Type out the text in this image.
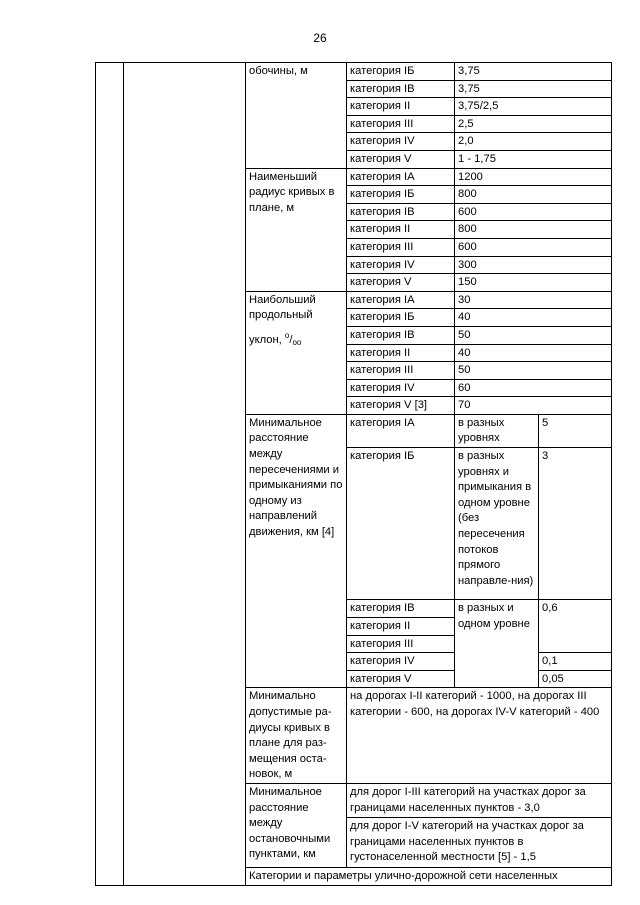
26
		обочины, м	категория IБ	3,75	
			категория IВ	3,75	
			категория II	3,75/2,5	
			категория III	2,5	
			категория IV	2,0	
			категория V	1 - 1,75	
		Наименьший радиус кривых в плане, м	категория IА	1200	
			категория IБ	800	
			категория IВ	600	
			категория II	800	
			категория III	600	
			категория IV	300	
			категория V	150	

		Наибольший
продольный
уклон, $^о/_{оо}$	категория IА	30	
			категория IБ	40	
			категория IВ	50	
			категория II	40	
			категория III	50	
			категория IV	60	
			категория V [3]	70	
		Минимальное расстояние между пересечениями и примыканиями по одному из направлений движения, км [4]	категория IА	в разных уровнях	5
			категория IБ	в разных уровнях и примыкания в одном уровне (без пересечения потоков прямого направле-ния)	3
			категория IВ	в разных и одном уровне	0,6
			категория II		
			категория III		
			категория IV		0,1
			категория V		0,05
		Минимально допустимые ра-диусы кривых в плане для раз-мещения оста-новок, м	на дорогах I-II категорий - 1000, на дорогах III категории - 600, на дорогах IV-V категорий - 400		
		Минимальное расстояние между остановочными пунктами, км	для дорог I-III категорий на участках дорог за границами населенных пунктов - 3,0		
			для дорог I-V категорий на участках дорог за границами населенных пунктов в густонаселенной местности [5] - 1,5		
		Категории и параметры улично-дорожной сети населенных			
